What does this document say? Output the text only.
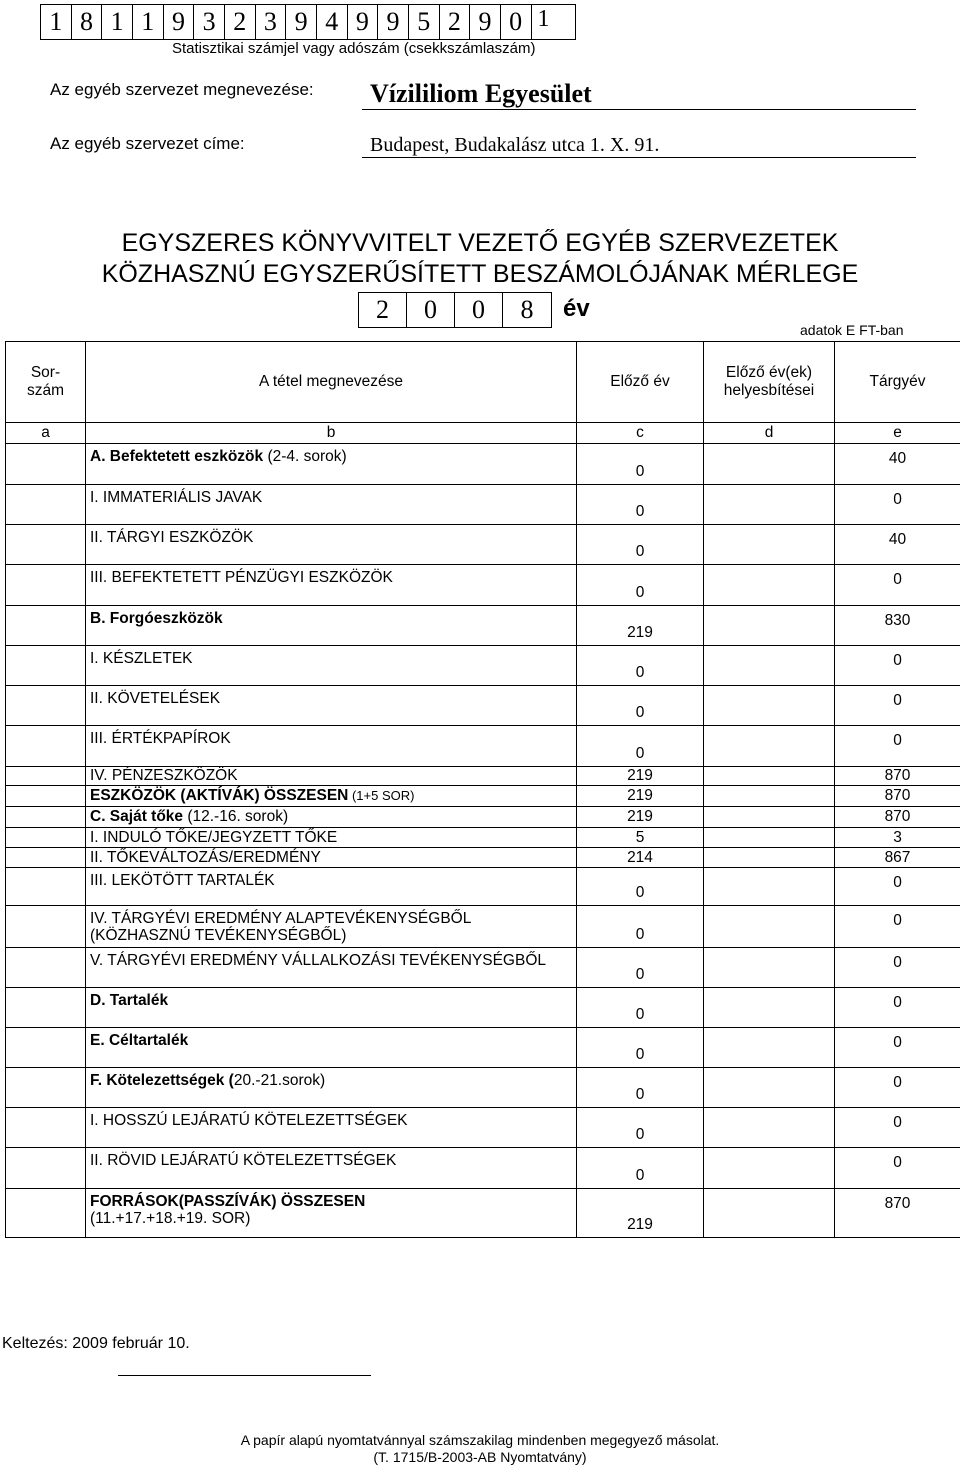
1 8 1 1 9 3 2 3 9 4 9 9 5 2 9 0 1
Statisztikai számjel vagy adószám (csekkszámlaszám)
Az egyéb szervezet megnevezése: Vízililiom Egyesület
Az egyéb szervezet címe:	Budapest, Budakalász utca 1. X. 91.
EGYSZERES KÖNYVVITELT VEZETŐ EGYÉB SZERVEZETEK
KÖZHASZNÚ EGYSZERŰSÍTETT BESZÁMOLÓJÁNAK MÉRLEGE
2	0	0	8	év
adatok E FT-ban
Sor-
szám	A tétel megnevezése	Előző év	Előző év(ek)
helyesbítései	Tárgyév
a	b	c	d	e
	A. Befektetett eszközök (2-4. sorok)	0		40
	I. IMMATERIÁLIS JAVAK	0		0
	II. TÁRGYI ESZKÖZÖK	0		40
	III. BEFEKTETETT PÉNZÜGYI ESZKÖZÖK	0		0
	B. Forgóeszközök	219		830
	I. KÉSZLETEK	0		0
	II. KÖVETELÉSEK	0		0
	III. ÉRTÉKPAPÍROK	0		0
	IV. PÉNZESZKÖZÖK	219		870
	ESZKÖZÖK (AKTÍVÁK) ÖSSZESEN (1+5 SOR)	219		870
	C. Saját tőke (12.-16. sorok)	219		870
	I. INDULÓ TŐKE/JEGYZETT TŐKE	5		3
	II. TŐKEVÁLTOZÁS/EREDMÉNY	214		867
	III. LEKÖTÖTT TARTALÉK	0		0
	IV. TÁRGYÉVI EREDMÉNY ALAPTEVÉKENYSÉGBŐL
(KÖZHASZNÚ TEVÉKENYSÉGBŐL)	0		0
	V. TÁRGYÉVI EREDMÉNY VÁLLALKOZÁSI TEVÉKENYSÉGBŐL	0		0
	D. Tartalék	0		0
	E. Céltartalék	0		0
	F. Kötelezettségek (20.-21.sorok)	0		0
	I. HOSSZÚ LEJÁRATÚ KÖTELEZETTSÉGEK	0		0
	II. RÖVID LEJÁRATÚ KÖTELEZETTSÉGEK	0		0
	FORRÁSOK(PASSZÍVÁK) ÖSSZESEN
(11.+17.+18.+19. SOR)	219		870
Keltezés: 2009 február 10.
A papír alapú nyomtatvánnyal számszakilag mindenben megegyező másolat.
(T. 1715/B-2003-AB Nyomtatvány)
